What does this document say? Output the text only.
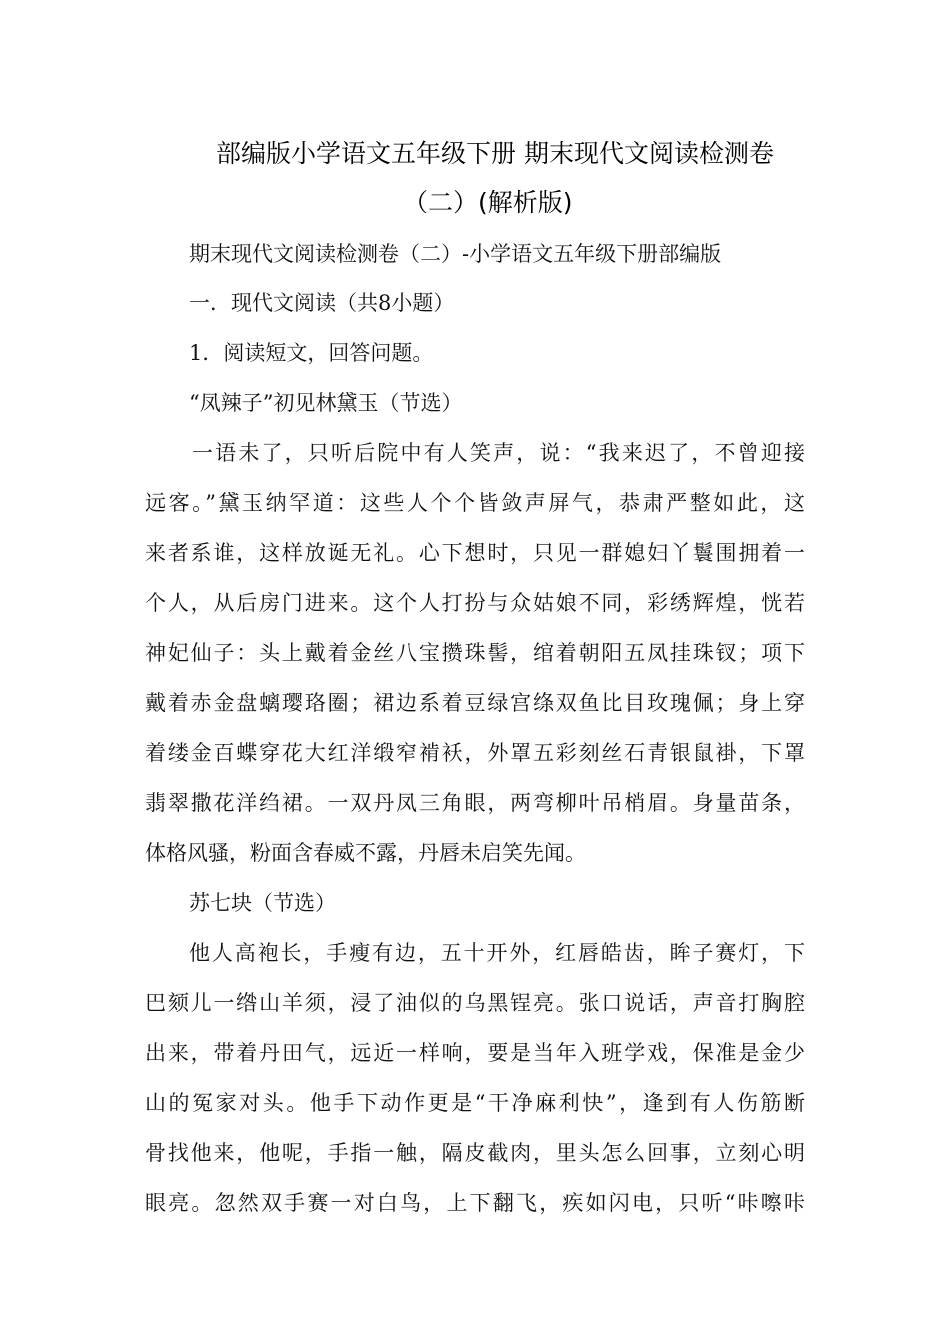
部编版小学语文五年级下册 期末现代文阅读检测卷
（二）(解析版)
期末现代文阅读检测卷（二）-小学语文五年级下册部编版
一．现代文阅读（共8小题）
1．阅读短文，回答问题。
“凤辣子”初见林黛玉（节选）
一语未了，只听后院中有人笑声，说：“我来迟了，不曾迎接
远客。”黛玉纳罕道：这些人个个皆敛声屏气，恭肃严整如此，这
来者系谁，这样放诞无礼。心下想时，只见一群媳妇丫鬟围拥着一
个人，从后房门进来。这个人打扮与众姑娘不同，彩绣辉煌，恍若
神妃仙子：头上戴着金丝八宝攒珠髻，绾着朝阳五凤挂珠钗；项下
戴着赤金盘螭璎珞圈；裙边系着豆绿宫绦双鱼比目玫瑰佩；身上穿
着缕金百蝶穿花大红洋缎窄褃袄，外罩五彩刻丝石青银鼠褂，下罩
翡翠撒花洋绉裙。一双丹凤三角眼，两弯柳叶吊梢眉。身量苗条，
体格风骚，粉面含春威不露，丹唇未启笑先闻。
苏七块（节选）
他人高袍长，手瘦有边，五十开外，红唇皓齿，眸子赛灯，下
巴颏儿一绺山羊须，浸了油似的乌黑锃亮。张口说话，声音打胸腔
出来，带着丹田气，远近一样响，要是当年入班学戏，保准是金少
山的冤家对头。他手下动作更是“干净麻利快”，逢到有人伤筋断
骨找他来，他呢，手指一触，隔皮截肉，里头怎么回事，立刻心明
眼亮。忽然双手赛一对白鸟，上下翻飞，疾如闪电，只听“咔嚓咔
